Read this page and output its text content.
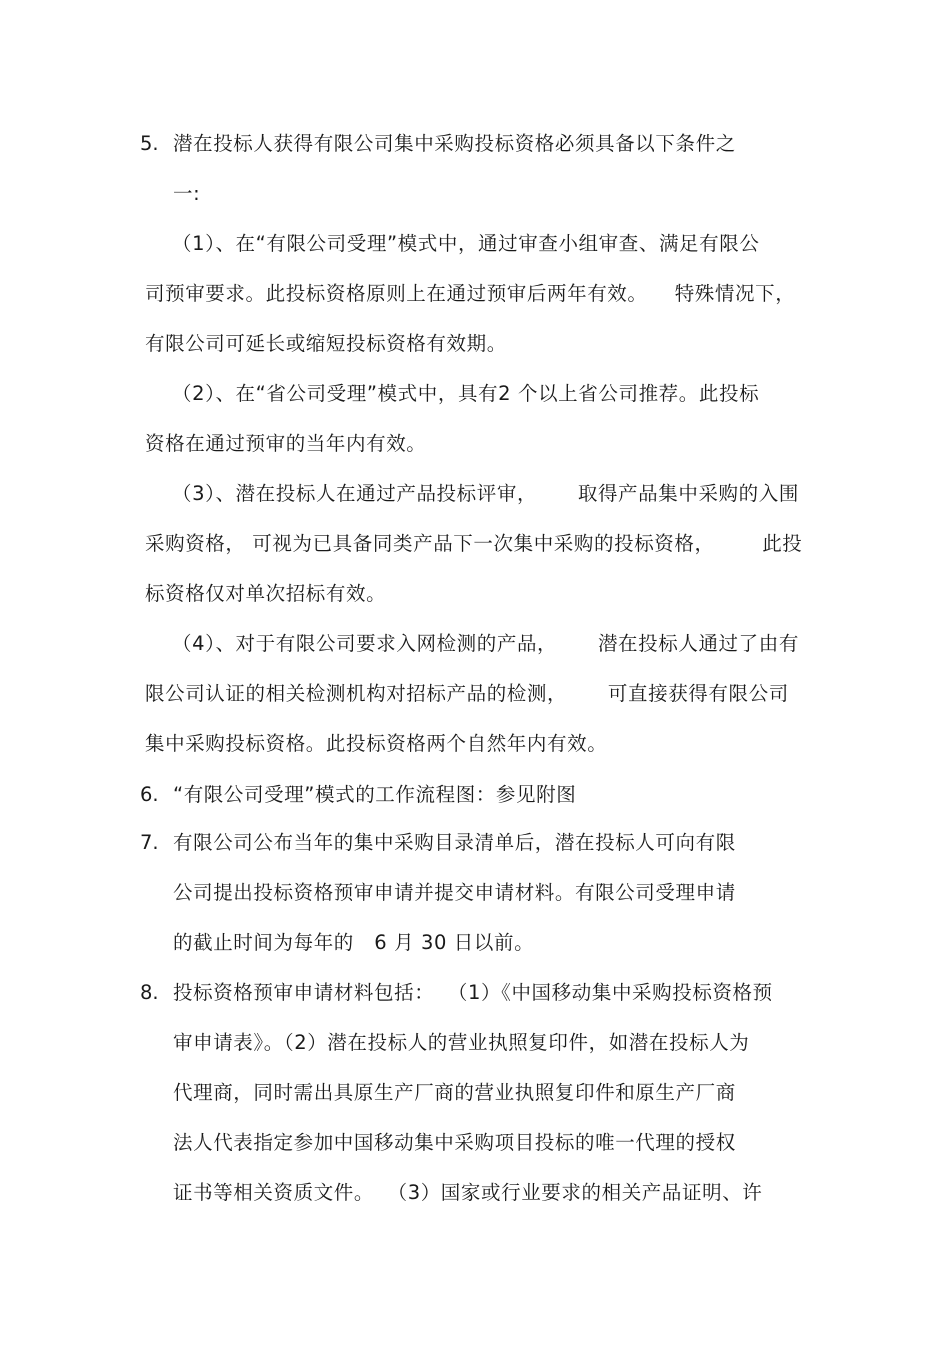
5. 潜在投标人获得有限公司集中采购投标资格必须具备以下条件之
一:
（1）、在“有限公司受理”模式中，通过审查小组审查、满足有限公
司预审要求。此投标资格原则上在通过预审后两年有效。    特殊情况下，
有限公司可延长或缩短投标资格有效期。
（2）、在“省公司受理”模式中，具有2 个以上省公司推荐。此投标
资格在通过预审的当年内有效。
（3）、潜在投标人在通过产品投标评审，      取得产品集中采购的入围
采购资格， 可视为已具备同类产品下一次集中采购的投标资格，       此投
标资格仅对单次招标有效。
（4）、对于有限公司要求入网检测的产品，      潜在投标人通过了由有
限公司认证的相关检测机构对招标产品的检测，      可直接获得有限公司
集中采购投标资格。此投标资格两个自然年内有效。
6. “有限公司受理”模式的工作流程图：参见附图
7. 有限公司公布当年的集中采购目录清单后，潜在投标人可向有限
公司提出投标资格预审申请并提交申请材料。有限公司受理申请
的截止时间为每年的   6 月 30 日以前。
8. 投标资格预审申请材料包括：  （1）《中国移动集中采购投标资格预
审申请表》。（2）潜在投标人的营业执照复印件，如潜在投标人为
代理商，同时需出具原生产厂商的营业执照复印件和原生产厂商
法人代表指定参加中国移动集中采购项目投标的唯一代理的授权
证书等相关资质文件。  （3）国家或行业要求的相关产品证明、许
